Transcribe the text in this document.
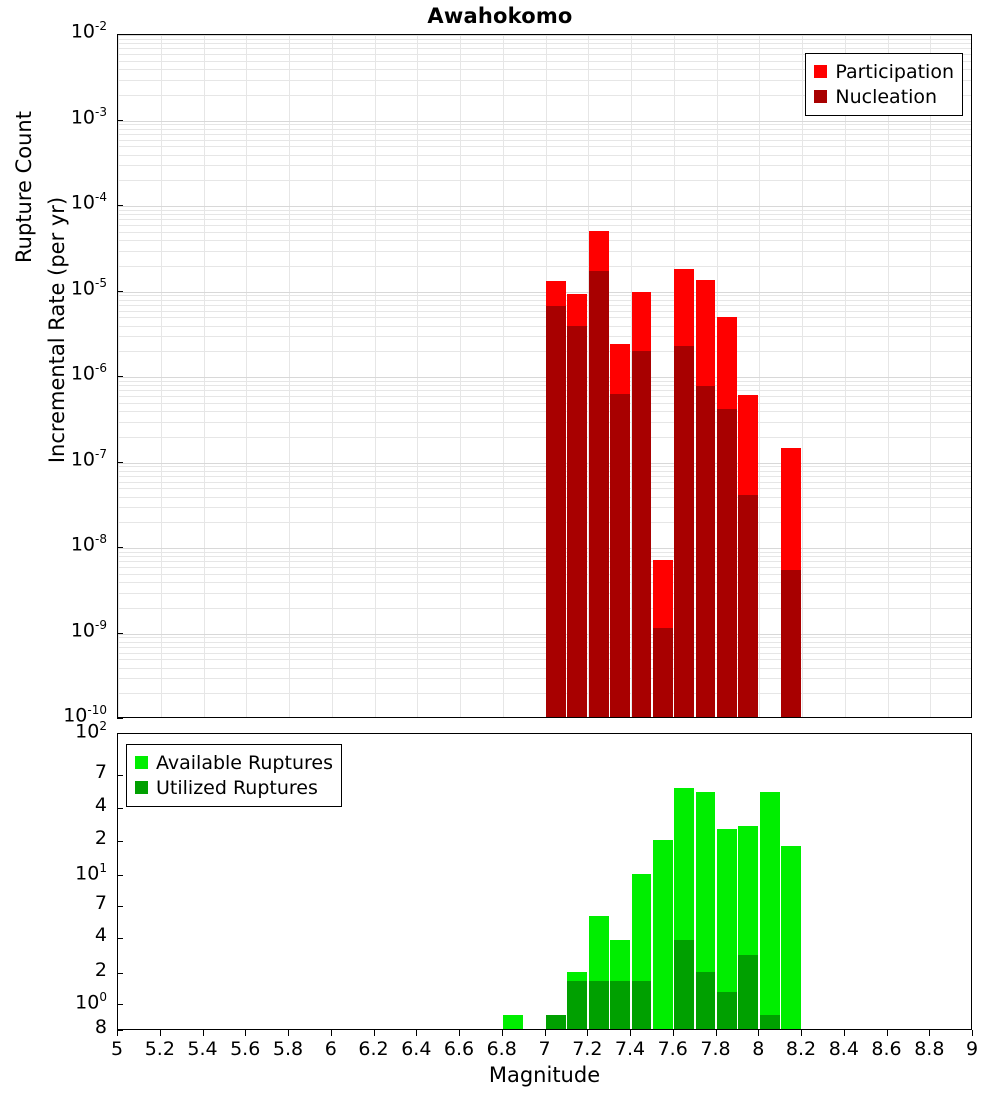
Awahokomo
Participation
Nucleation
$10^{-10}$
$10^{-9}$
$10^{-8}$
$10^{-7}$
$10^{-6}$
$10^{-5}$
$10^{-4}$
$10^{-3}$
$10^{-2}$
Incremental Rate (per yr)
Available Ruptures
Utilized Ruptures
8
$10^0$
2
4
7
$10^1$
2
4
7
$10^2$
Rupture Count
5	5.2 5.4 5.6 5.8	6	6.2 6.4 6.6 6.8	7	7.2 7.4 7.6 7.8	8	8.2 8.4 8.6 8.8	9
Magnitude
